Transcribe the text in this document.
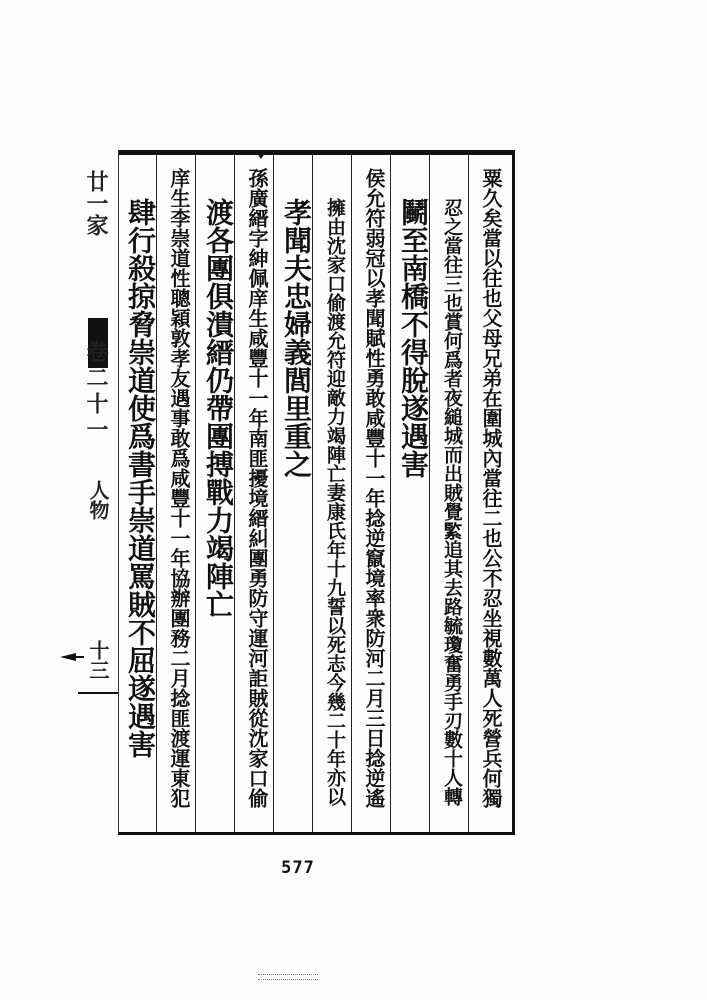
廿一家
卷二十一
人物
十三	粟久矣當以往也父母兄弟在圍城內當往二也公不忍坐視數萬人死營兵何獨
忍之當往三也賞何爲者夜縋城而出賊覺𦂳追其去路毓瓊奮勇手刃數十人轉
鬭至南橋不得脫遂遇害
侯允符弱冠以孝聞賦性勇敢咸豐十一年捻逆竄境率衆防河二月三日捻逆遙
擁由沈家口偷渡允符迎敵力竭陣亡妻康氏年十九誓以死志今幾二十年亦以
孝聞夫忠婦義閭里重之
孫廣縉字紳佩庠生咸豐十一年南匪擾境縉糾團勇防守運河詎賊從沈家口偷
渡各團俱潰縉仍帶團搏戰力竭陣亡
庠生李崇道性聰穎敦孝友遇事敢爲咸豐十一年協辦團務二月捻匪渡運東犯
肆行殺掠脅崇道使爲書手崇道罵賊不屈遂遇害
577
